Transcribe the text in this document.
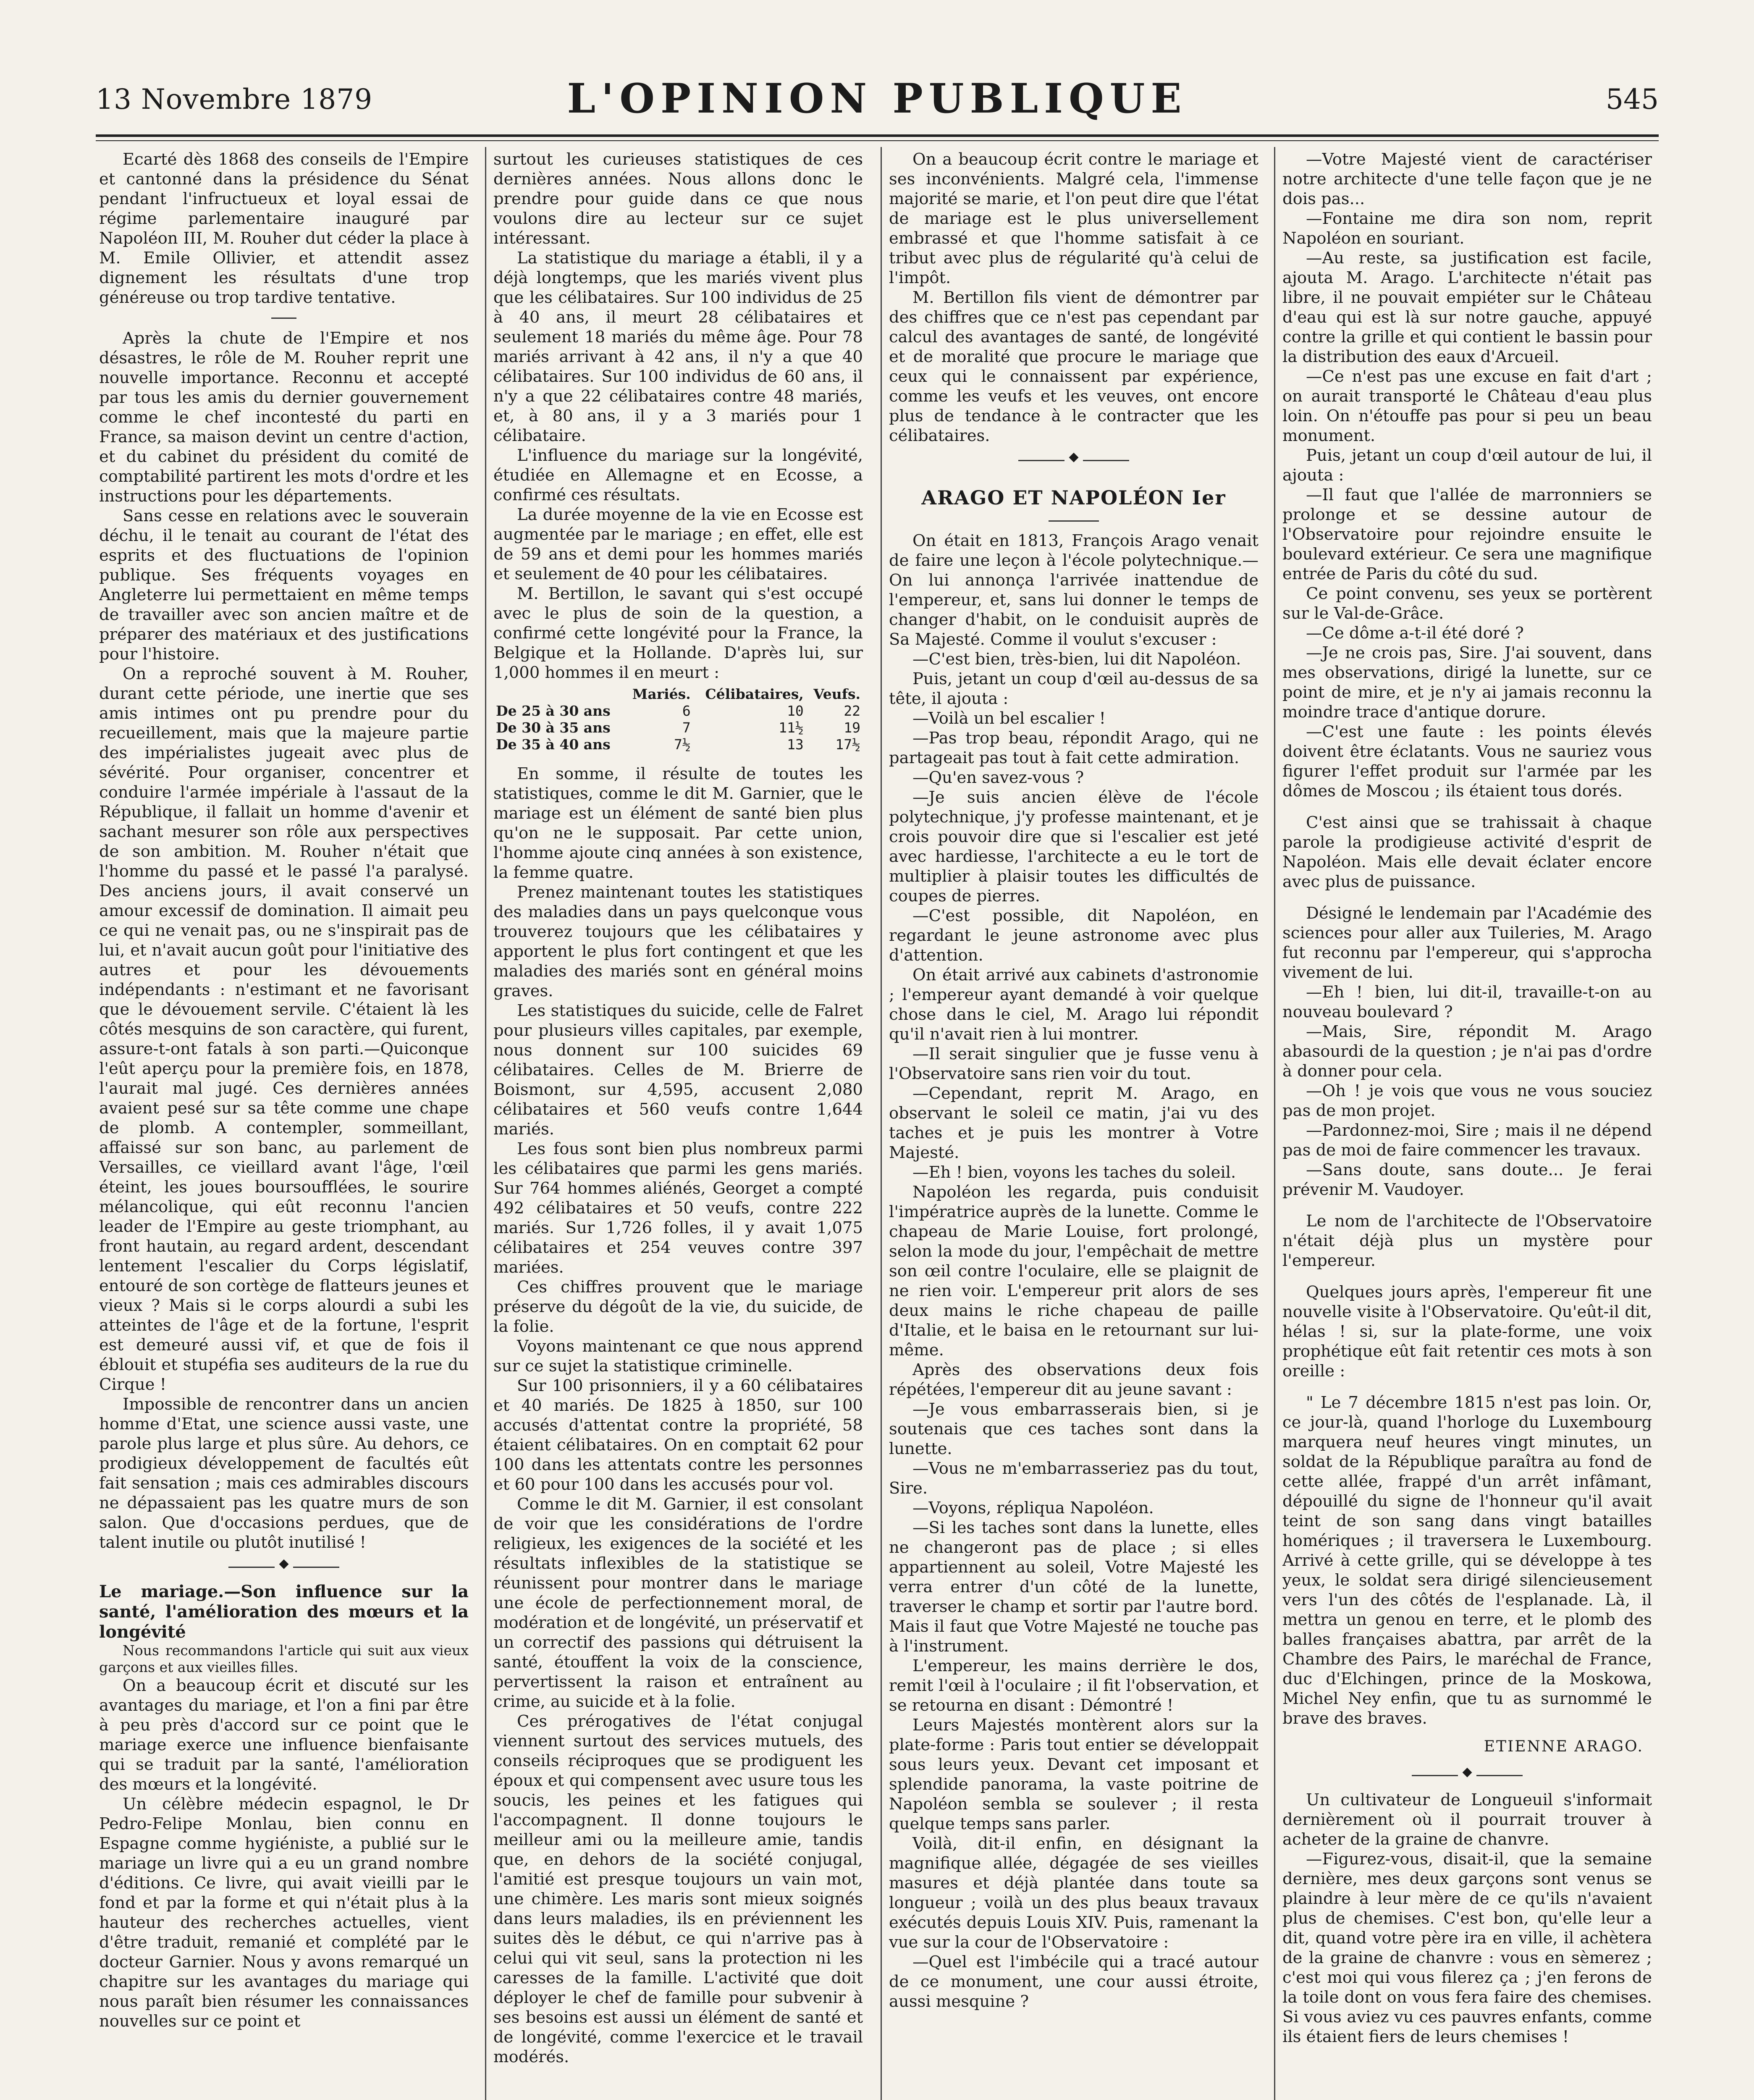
13 Novembre 1879	L'OPINION PUBLIQUE	545

Ecarté dès 1868 des conseils de l'Empire et cantonné dans la présidence du Sénat pendant l'infructueux et loyal essai de régime parlementaire inauguré par Napoléon III, M. Rouher dut céder la place à M. Emile Ollivier, et attendit assez dignement les résultats d'une trop généreuse ou trop tardive tentative.

Après la chute de l'Empire et nos désastres, le rôle de M. Rouher reprit une nouvelle importance. Reconnu et accepté par tous les amis du dernier gouvernement comme le chef incontesté du parti en France, sa maison devint un centre d'action, et du cabinet du président du comité de comptabilité partirent les mots d'ordre et les instructions pour les départements.

Sans cesse en relations avec le souverain déchu, il le tenait au courant de l'état des esprits et des fluctuations de l'opinion publique. Ses fréquents voyages en Angleterre lui permettaient en même temps de travailler avec son ancien maître et de préparer des matériaux et des justifications pour l'histoire.

On a reproché souvent à M. Rouher, durant cette période, une inertie que ses amis intimes ont pu prendre pour du recueillement, mais que la majeure partie des impérialistes jugeait avec plus de sévérité. Pour organiser, concentrer et conduire l'armée impériale à l'assaut de la République, il fallait un homme d'avenir et sachant mesurer son rôle aux perspectives de son ambition. M. Rouher n'était que l'homme du passé et le passé l'a paralysé. Des anciens jours, il avait conservé un amour excessif de domination. Il aimait peu ce qui ne venait pas, ou ne s'inspirait pas de lui, et n'avait aucun goût pour l'initiative des autres et pour les dévouements indépendants : n'estimant et ne favorisant que le dévouement servile. C'étaient là les côtés mesquins de son caractère, qui furent, assure-t-ont fatals à son parti.—Quiconque l'eût aperçu pour la première fois, en 1878, l'aurait mal jugé. Ces dernières années avaient pesé sur sa tête comme une chape de plomb. A contempler, sommeillant, affaissé sur son banc, au parlement de Versailles, ce vieillard avant l'âge, l'œil éteint, les joues boursoufflées, le sourire mélancolique, qui eût reconnu l'ancien leader de l'Empire au geste triomphant, au front hautain, au regard ardent, descendant lentement l'escalier du Corps législatif, entouré de son cortège de flatteurs jeunes et vieux ? Mais si le corps alourdi a subi les atteintes de l'âge et de la fortune, l'esprit est demeuré aussi vif, et que de fois il éblouit et stupéfia ses auditeurs de la rue du Cirque !

Impossible de rencontrer dans un ancien homme d'Etat, une science aussi vaste, une parole plus large et plus sûre. Au dehors, ce prodigieux développement de facultés eût fait sensation ; mais ces admirables discours ne dépassaient pas les quatre murs de son salon. Que d'occasions perdues, que de talent inutile ou plutôt inutilisé !

◆

Le mariage.—Son influence sur la santé, l'amélioration des mœurs et la longévité

Nous recommandons l'article qui suit aux vieux garçons et aux vieilles filles.

On a beaucoup écrit et discuté sur les avantages du mariage, et l'on a fini par être à peu près d'accord sur ce point que le mariage exerce une influence bienfaisante qui se traduit par la santé, l'amélioration des mœurs et la longévité.

Un célèbre médecin espagnol, le Dr Pedro-Felipe Monlau, bien connu en Espagne comme hygiéniste, a publié sur le mariage un livre qui a eu un grand nombre d'éditions. Ce livre, qui avait vieilli par le fond et par la forme et qui n'était plus à la hauteur des recherches actuelles, vient d'être traduit, remanié et complété par le docteur Garnier. Nous y avons remarqué un chapitre sur les avantages du mariage qui nous paraît bien résumer les connaissances nouvelles sur ce point et

surtout les curieuses statistiques de ces dernières années. Nous allons donc le prendre pour guide dans ce que nous voulons dire au lecteur sur ce sujet intéressant.

La statistique du mariage a établi, il y a déjà longtemps, que les mariés vivent plus que les célibataires. Sur 100 individus de 25 à 40 ans, il meurt 28 célibataires et seulement 18 mariés du même âge. Pour 78 mariés arrivant à 42 ans, il n'y a que 40 célibataires. Sur 100 individus de 60 ans, il n'y a que 22 célibataires contre 48 mariés, et, à 80 ans, il y a 3 mariés pour 1 célibataire.

L'influence du mariage sur la longévité, étudiée en Allemagne et en Ecosse, a confirmé ces résultats.

La durée moyenne de la vie en Ecosse est augmentée par le mariage ; en effet, elle est de 59 ans et demi pour les hommes mariés et seulement de 40 pour les célibataires.

M. Bertillon, le savant qui s'est occupé avec le plus de soin de la question, a confirmé cette longévité pour la France, la Belgique et la Hollande. D'après lui, sur 1,000 hommes il en meurt :

	Mariés.	Célibataires,	Veufs.
De 25 à 30 ans	6	10	22
De 30 à 35 ans	7	11½	19
De 35 à 40 ans	7½	13	17½

En somme, il résulte de toutes les statistiques, comme le dit M. Garnier, que le mariage est un élément de santé bien plus qu'on ne le supposait. Par cette union, l'homme ajoute cinq années à son existence, la femme quatre.

Prenez maintenant toutes les statistiques des maladies dans un pays quelconque vous trouverez toujours que les célibataires y apportent le plus fort contingent et que les maladies des mariés sont en général moins graves.

Les statistiques du suicide, celle de Falret pour plusieurs villes capitales, par exemple, nous donnent sur 100 suicides 69 célibataires. Celles de M. Brierre de Boismont, sur 4,595, accusent 2,080 célibataires et 560 veufs contre 1,644 mariés.

Les fous sont bien plus nombreux parmi les célibataires que parmi les gens mariés. Sur 764 hommes aliénés, Georget a compté 492 célibataires et 50 veufs, contre 222 mariés. Sur 1,726 folles, il y avait 1,075 célibataires et 254 veuves contre 397 mariées.

Ces chiffres prouvent que le mariage préserve du dégoût de la vie, du suicide, de la folie.

Voyons maintenant ce que nous apprend sur ce sujet la statistique criminelle.

Sur 100 prisonniers, il y a 60 célibataires et 40 mariés. De 1825 à 1850, sur 100 accusés d'attentat contre la propriété, 58 étaient célibataires. On en comptait 62 pour 100 dans les attentats contre les personnes et 60 pour 100 dans les accusés pour vol.

Comme le dit M. Garnier, il est consolant de voir que les considérations de l'ordre religieux, les exigences de la société et les résultats inflexibles de la statistique se réunissent pour montrer dans le mariage une école de perfectionnement moral, de modération et de longévité, un préservatif et un correctif des passions qui détruisent la santé, étouffent la voix de la conscience, pervertissent la raison et entraînent au crime, au suicide et à la folie.

Ces prérogatives de l'état conjugal viennent surtout des services mutuels, des conseils réciproques que se prodiguent les époux et qui compensent avec usure tous les soucis, les peines et les fatigues qui l'accompagnent. Il donne toujours le meilleur ami ou la meilleure amie, tandis que, en dehors de la société conjugal, l'amitié est presque toujours un vain mot, une chimère. Les maris sont mieux soignés dans leurs maladies, ils en préviennent les suites dès le début, ce qui n'arrive pas à celui qui vit seul, sans la protection ni les caresses de la famille. L'activité que doit déployer le chef de famille pour subvenir à ses besoins est aussi un élément de santé et de longévité, comme l'exercice et le travail modérés.

On a beaucoup écrit contre le mariage et ses inconvénients. Malgré cela, l'immense majorité se marie, et l'on peut dire que l'état de mariage est le plus universellement embrassé et que l'homme satisfait à ce tribut avec plus de régularité qu'à celui de l'impôt.

M. Bertillon fils vient de démontrer par des chiffres que ce n'est pas cependant par calcul des avantages de santé, de longévité et de moralité que procure le mariage que ceux qui le connaissent par expérience, comme les veufs et les veuves, ont encore plus de tendance à le contracter que les célibataires.

◆

ARAGO ET NAPOLÉON Ier

On était en 1813, François Arago venait de faire une leçon à l'école polytechnique.—On lui annonça l'arrivée inattendue de l'empereur, et, sans lui donner le temps de changer d'habit, on le conduisit auprès de Sa Majesté. Comme il voulut s'excuser :

—C'est bien, très-bien, lui dit Napoléon.

Puis, jetant un coup d'œil au-dessus de sa tête, il ajouta :

—Voilà un bel escalier !

—Pas trop beau, répondit Arago, qui ne partageait pas tout à fait cette admiration.

—Qu'en savez-vous ?

—Je suis ancien élève de l'école polytechnique, j'y professe maintenant, et je crois pouvoir dire que si l'escalier est jeté avec hardiesse, l'architecte a eu le tort de multiplier à plaisir toutes les difficultés de coupes de pierres.

—C'est possible, dit Napoléon, en regardant le jeune astronome avec plus d'attention.

On était arrivé aux cabinets d'astronomie ; l'empereur ayant demandé à voir quelque chose dans le ciel, M. Arago lui répondit qu'il n'avait rien à lui montrer.

—Il serait singulier que je fusse venu à l'Observatoire sans rien voir du tout.

—Cependant, reprit M. Arago, en observant le soleil ce matin, j'ai vu des taches et je puis les montrer à Votre Majesté.

—Eh ! bien, voyons les taches du soleil.

Napoléon les regarda, puis conduisit l'impératrice auprès de la lunette. Comme le chapeau de Marie Louise, fort prolongé, selon la mode du jour, l'empêchait de mettre son œil contre l'oculaire, elle se plaignit de ne rien voir. L'empereur prit alors de ses deux mains le riche chapeau de paille d'Italie, et le baisa en le retournant sur lui-même.

Après des observations deux fois répétées, l'empereur dit au jeune savant :

—Je vous embarrasserais bien, si je soutenais que ces taches sont dans la lunette.

—Vous ne m'embarrasseriez pas du tout, Sire.

—Voyons, répliqua Napoléon.

—Si les taches sont dans la lunette, elles ne changeront pas de place ; si elles appartiennent au soleil, Votre Majesté les verra entrer d'un côté de la lunette, traverser le champ et sortir par l'autre bord. Mais il faut que Votre Majesté ne touche pas à l'instrument.

L'empereur, les mains derrière le dos, remit l'œil à l'oculaire ; il fit l'observation, et se retourna en disant : Démontré !

Leurs Majestés montèrent alors sur la plate-forme : Paris tout entier se développait sous leurs yeux. Devant cet imposant et splendide panorama, la vaste poitrine de Napoléon sembla se soulever ; il resta quelque temps sans parler.

Voilà, dit-il enfin, en désignant la magnifique allée, dégagée de ses vieilles masures et déjà plantée dans toute sa longueur ; voilà un des plus beaux travaux exécutés depuis Louis XIV. Puis, ramenant la vue sur la cour de l'Observatoire :

—Quel est l'imbécile qui a tracé autour de ce monument, une cour aussi étroite, aussi mesquine ?

—Votre Majesté vient de caractériser notre architecte d'une telle façon que je ne dois pas...

—Fontaine me dira son nom, reprit Napoléon en souriant.

—Au reste, sa justification est facile, ajouta M. Arago. L'architecte n'était pas libre, il ne pouvait empiéter sur le Château d'eau qui est là sur notre gauche, appuyé contre la grille et qui contient le bassin pour la distribution des eaux d'Arcueil.

—Ce n'est pas une excuse en fait d'art ; on aurait transporté le Château d'eau plus loin. On n'étouffe pas pour si peu un beau monument.

Puis, jetant un coup d'œil autour de lui, il ajouta :

—Il faut que l'allée de marronniers se prolonge et se dessine autour de l'Observatoire pour rejoindre ensuite le boulevard extérieur. Ce sera une magnifique entrée de Paris du côté du sud.

Ce point convenu, ses yeux se portèrent sur le Val-de-Grâce.

—Ce dôme a-t-il été doré ?

—Je ne crois pas, Sire. J'ai souvent, dans mes observations, dirigé la lunette, sur ce point de mire, et je n'y ai jamais reconnu la moindre trace d'antique dorure.

—C'est une faute : les points élevés doivent être éclatants. Vous ne sauriez vous figurer l'effet produit sur l'armée par les dômes de Moscou ; ils étaient tous dorés.

C'est ainsi que se trahissait à chaque parole la prodigieuse activité d'esprit de Napoléon. Mais elle devait éclater encore avec plus de puissance.

Désigné le lendemain par l'Académie des sciences pour aller aux Tuileries, M. Arago fut reconnu par l'empereur, qui s'approcha vivement de lui.

—Eh ! bien, lui dit-il, travaille-t-on au nouveau boulevard ?

—Mais, Sire, répondit M. Arago abasourdi de la question ; je n'ai pas d'ordre à donner pour cela.

—Oh ! je vois que vous ne vous souciez pas de mon projet.

—Pardonnez-moi, Sire ; mais il ne dépend pas de moi de faire commencer les travaux.

—Sans doute, sans doute... Je ferai prévenir M. Vaudoyer.

Le nom de l'architecte de l'Observatoire n'était déjà plus un mystère pour l'empereur.

Quelques jours après, l'empereur fit une nouvelle visite à l'Observatoire. Qu'eût-il dit, hélas ! si, sur la plate-forme, une voix prophétique eût fait retentir ces mots à son oreille :

" Le 7 décembre 1815 n'est pas loin. Or, ce jour-là, quand l'horloge du Luxembourg marquera neuf heures vingt minutes, un soldat de la République paraîtra au fond de cette allée, frappé d'un arrêt infâmant, dépouillé du signe de l'honneur qu'il avait teint de son sang dans vingt batailles homériques ; il traversera le Luxembourg. Arrivé à cette grille, qui se développe à tes yeux, le soldat sera dirigé silencieusement vers l'un des côtés de l'esplanade. Là, il mettra un genou en terre, et le plomb des balles françaises abattra, par arrêt de la Chambre des Pairs, le maréchal de France, duc d'Elchingen, prince de la Moskowa, Michel Ney enfin, que tu as surnommé le brave des braves.

ETIENNE ARAGO.
◆

Un cultivateur de Longueuil s'informait dernièrement où il pourrait trouver à acheter de la graine de chanvre.

—Figurez-vous, disait-il, que la semaine dernière, mes deux garçons sont venus se plaindre à leur mère de ce qu'ils n'avaient plus de chemises. C'est bon, qu'elle leur a dit, quand votre père ira en ville, il achètera de la graine de chanvre : vous en sèmerez ; c'est moi qui vous filerez ça ; j'en ferons de la toile dont on vous fera faire des chemises. Si vous aviez vu ces pauvres enfants, comme ils étaient fiers de leurs chemises !
